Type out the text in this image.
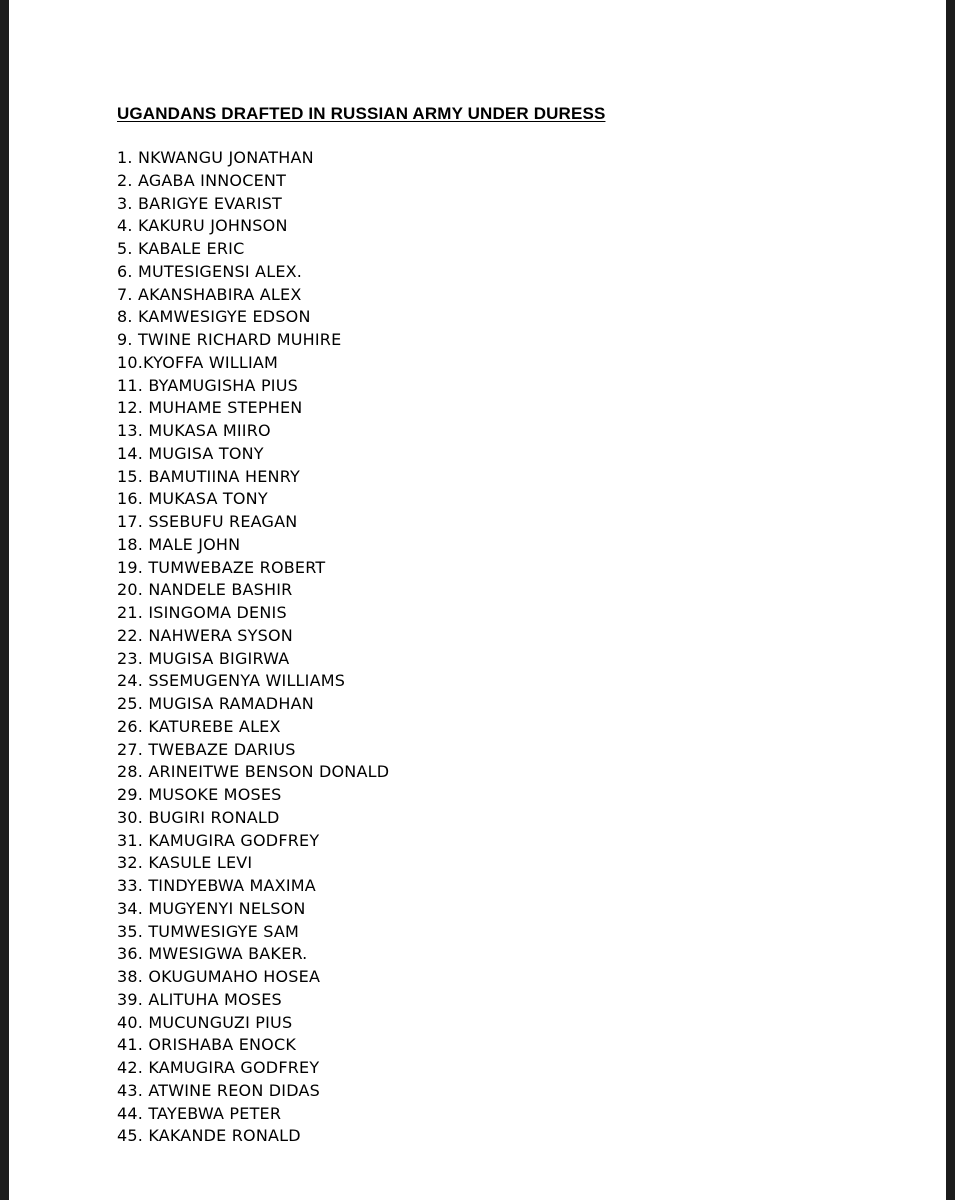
UGANDANS DRAFTED IN RUSSIAN ARMY UNDER DURESS
1. NKWANGU JONATHAN
2. AGABA INNOCENT
3. BARIGYE EVARIST
4. KAKURU JOHNSON
5. KABALE ERIC
6. MUTESIGENSI ALEX.
7. AKANSHABIRA ALEX
8. KAMWESIGYE EDSON
9. TWINE RICHARD MUHIRE
10.KYOFFA WILLIAM
11. BYAMUGISHA PIUS
12. MUHAME STEPHEN
13. MUKASA MIIRO
14. MUGISA TONY
15. BAMUTIINA HENRY
16. MUKASA TONY
17. SSEBUFU REAGAN
18. MALE JOHN
19. TUMWEBAZE ROBERT
20. NANDELE BASHIR
21. ISINGOMA DENIS
22. NAHWERA SYSON
23. MUGISA BIGIRWA
24. SSEMUGENYA WILLIAMS
25. MUGISA RAMADHAN
26. KATUREBE ALEX
27. TWEBAZE DARIUS
28. ARINEITWE BENSON DONALD
29. MUSOKE MOSES
30. BUGIRI RONALD
31. KAMUGIRA GODFREY
32. KASULE LEVI
33. TINDYEBWA MAXIMA
34. MUGYENYI NELSON
35. TUMWESIGYE SAM
36. MWESIGWA BAKER.
38. OKUGUMAHO HOSEA
39. ALITUHA MOSES
40. MUCUNGUZI PIUS
41. ORISHABA ENOCK
42. KAMUGIRA GODFREY
43. ATWINE REON DIDAS
44. TAYEBWA PETER
45. KAKANDE RONALD
